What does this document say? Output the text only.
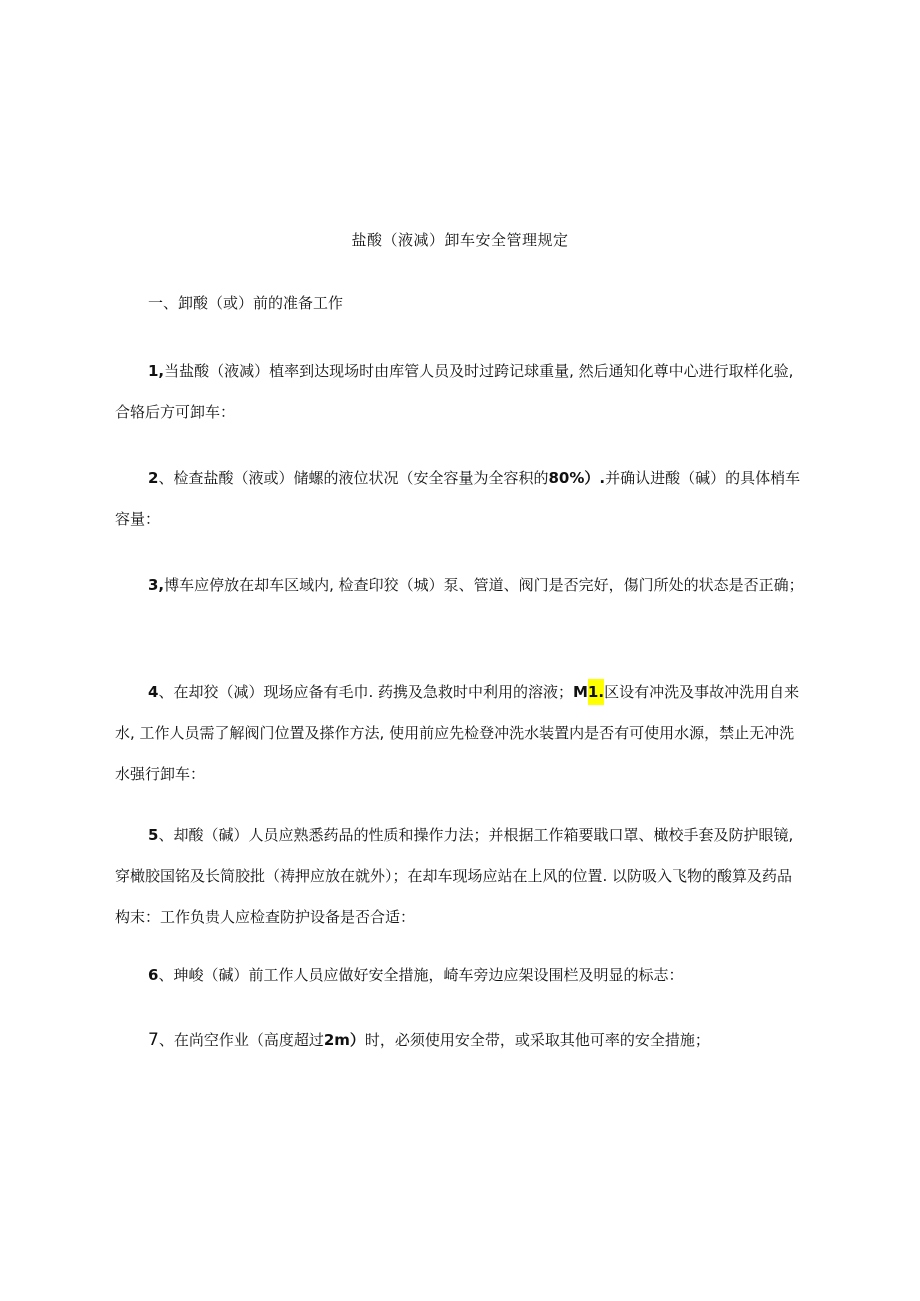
盐酸（液减）卸车安全管理规定
一、卸酸（或）前的准备工作
1,当盐酸（液减）植率到达现场时由库管人员及时过跨记球重量, 然后通知化尊中心进行取样化验, 合辂后方可卸车：
2、检查盐酸（液或）储螺的液位状况（安全容量为全容积的80%）.并确认进酸（碱）的具体梢车容量：
3,博车应停放在却车区域内, 检查印狡（城）泵、管道、阀门是否完好，傷门所处的状态是否正确；
4、在却狡（减）现场应备有毛巾. 药携及急救时中利用的溶液；M1.区设有冲洗及事故冲洗用自来水, 工作人员需了解阀门位置及搽作方法, 使用前应先检登冲洗水装置内是否有可使用水源，禁止无冲洗水强行卸车：
5、却酸（碱）人员应熟悉药品的性质和操作力法；并根据工作箱要戢口罩、橄校手套及防护眼镜, 穿橄胶国铭及长简胶批（祷押应放在就外）；在却车现场应站在上风的位置. 以防吸入飞物的酸算及药品构末：工作负贵人应检查防护设备是否合适：
6、珅峻（碱）前工作人员应做好安全措施，崎车旁边应架设围栏及明显的标志：
7、在尚空作业（高度超过2m）时，必须使用安全带，或采取其他可率的安全措施；
